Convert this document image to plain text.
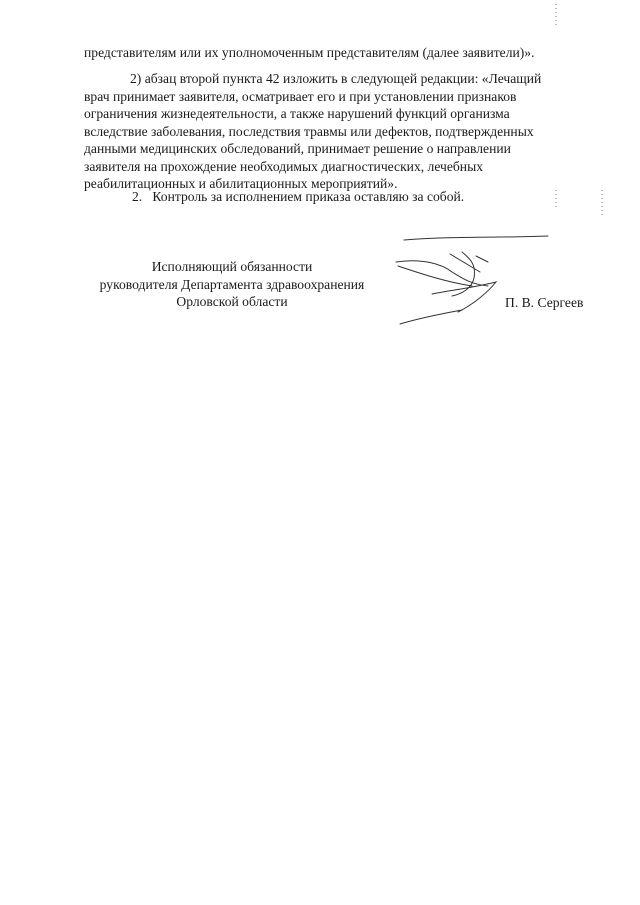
представителям или их уполномоченным представителям (далее заявители)».
2) абзац второй пункта 42 изложить в следующей редакции: «Лечащий
врач принимает заявителя, осматривает его и при установлении признаков
ограничения жизнедеятельности, а также нарушений функций организма
вследствие заболевания, последствия травмы или дефектов, подтвержденных
данными медицинских обследований, принимает решение о направлении
заявителя на прохождение необходимых диагностических, лечебных
реабилитационных и абилитационных мероприятий».
2.   Контроль за исполнением приказа оставляю за собой.
Исполняющий обязанности
руководителя Департамента здравоохранения
Орловской области	П. В. Сергеев
